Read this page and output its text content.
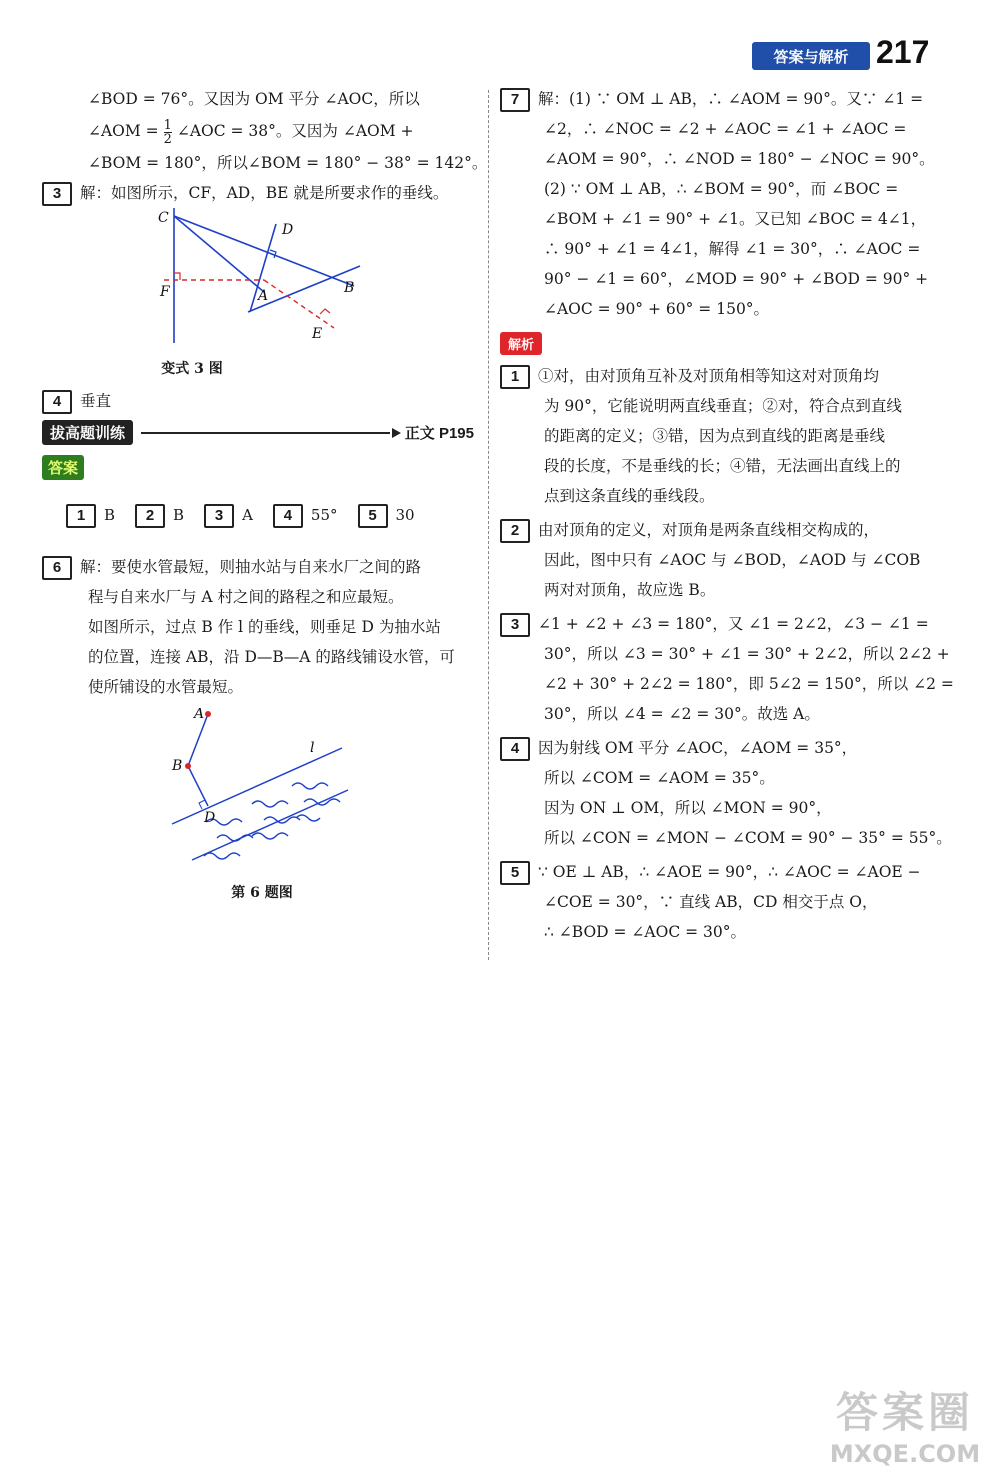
答案与解析 217
∠BOD = 76°。又因为 OM 平分 ∠AOC，所以
∠AOM = $\frac{1}{2}$ ∠AOC = 38°。又因为 ∠AOM +
∠BOM = 180°，所以∠BOM = 180° − 38° = 142°。
3 解：如图所示，CF，AD，BE 就是所要求作的垂线。
C
D
F	A	B
E
变式 3 图
4 垂直
拔高题训练	正文 P195
答案
1 B 2 B 3 A 4 55° 5 30
6 解：要使水管最短，则抽水站与自来水厂之间的路
程与自来水厂与 A 村之间的路程之和应最短。
如图所示，过点 B 作 l 的垂线，则垂足 D 为抽水站
的位置，连接 AB，沿 D—B—A 的路线铺设水管，可
使所铺设的水管最短。
A
B
D
l
第 6 题图
7 解：(1) ∵ OM ⊥ AB，∴ ∠AOM = 90°。又∵ ∠1 =
∠2，∴ ∠NOC = ∠2 + ∠AOC = ∠1 + ∠AOC =
∠AOM = 90°，∴ ∠NOD = 180° − ∠NOC = 90°。
(2) ∵ OM ⊥ AB，∴ ∠BOM = 90°，而 ∠BOC =
∠BOM + ∠1 = 90° + ∠1。又已知 ∠BOC = 4∠1，
∴ 90° + ∠1 = 4∠1，解得 ∠1 = 30°，∴ ∠AOC =
90° − ∠1 = 60°，∠MOD = 90° + ∠BOD = 90° +
∠AOC = 90° + 60° = 150°。
解析
1 ①对，由对顶角互补及对顶角相等知这对对顶角均
为 90°，它能说明两直线垂直；②对，符合点到直线
的距离的定义；③错，因为点到直线的距离是垂线
段的长度，不是垂线的长；④错，无法画出直线上的
点到这条直线的垂线段。
2 由对顶角的定义，对顶角是两条直线相交构成的，
因此，图中只有 ∠AOC 与 ∠BOD，∠AOD 与 ∠COB
两对对顶角，故应选 B。
3 ∠1 + ∠2 + ∠3 = 180°，又 ∠1 = 2∠2，∠3 − ∠1 =
30°，所以 ∠3 = 30° + ∠1 = 30° + 2∠2，所以 2∠2 +
∠2 + 30° + 2∠2 = 180°，即 5∠2 = 150°，所以 ∠2 =
30°，所以 ∠4 = ∠2 = 30°。故选 A。
4 因为射线 OM 平分 ∠AOC，∠AOM = 35°，
所以 ∠COM = ∠AOM = 35°。
因为 ON ⊥ OM，所以 ∠MON = 90°，
所以 ∠CON = ∠MON − ∠COM = 90° − 35° = 55°。
5 ∵ OE ⊥ AB，∴ ∠AOE = 90°，∴ ∠AOC = ∠AOE −
∠COE = 30°，∵ 直线 AB，CD 相交于点 O，
∴ ∠BOD = ∠AOC = 30°。
答案圈
MXQE.COM
